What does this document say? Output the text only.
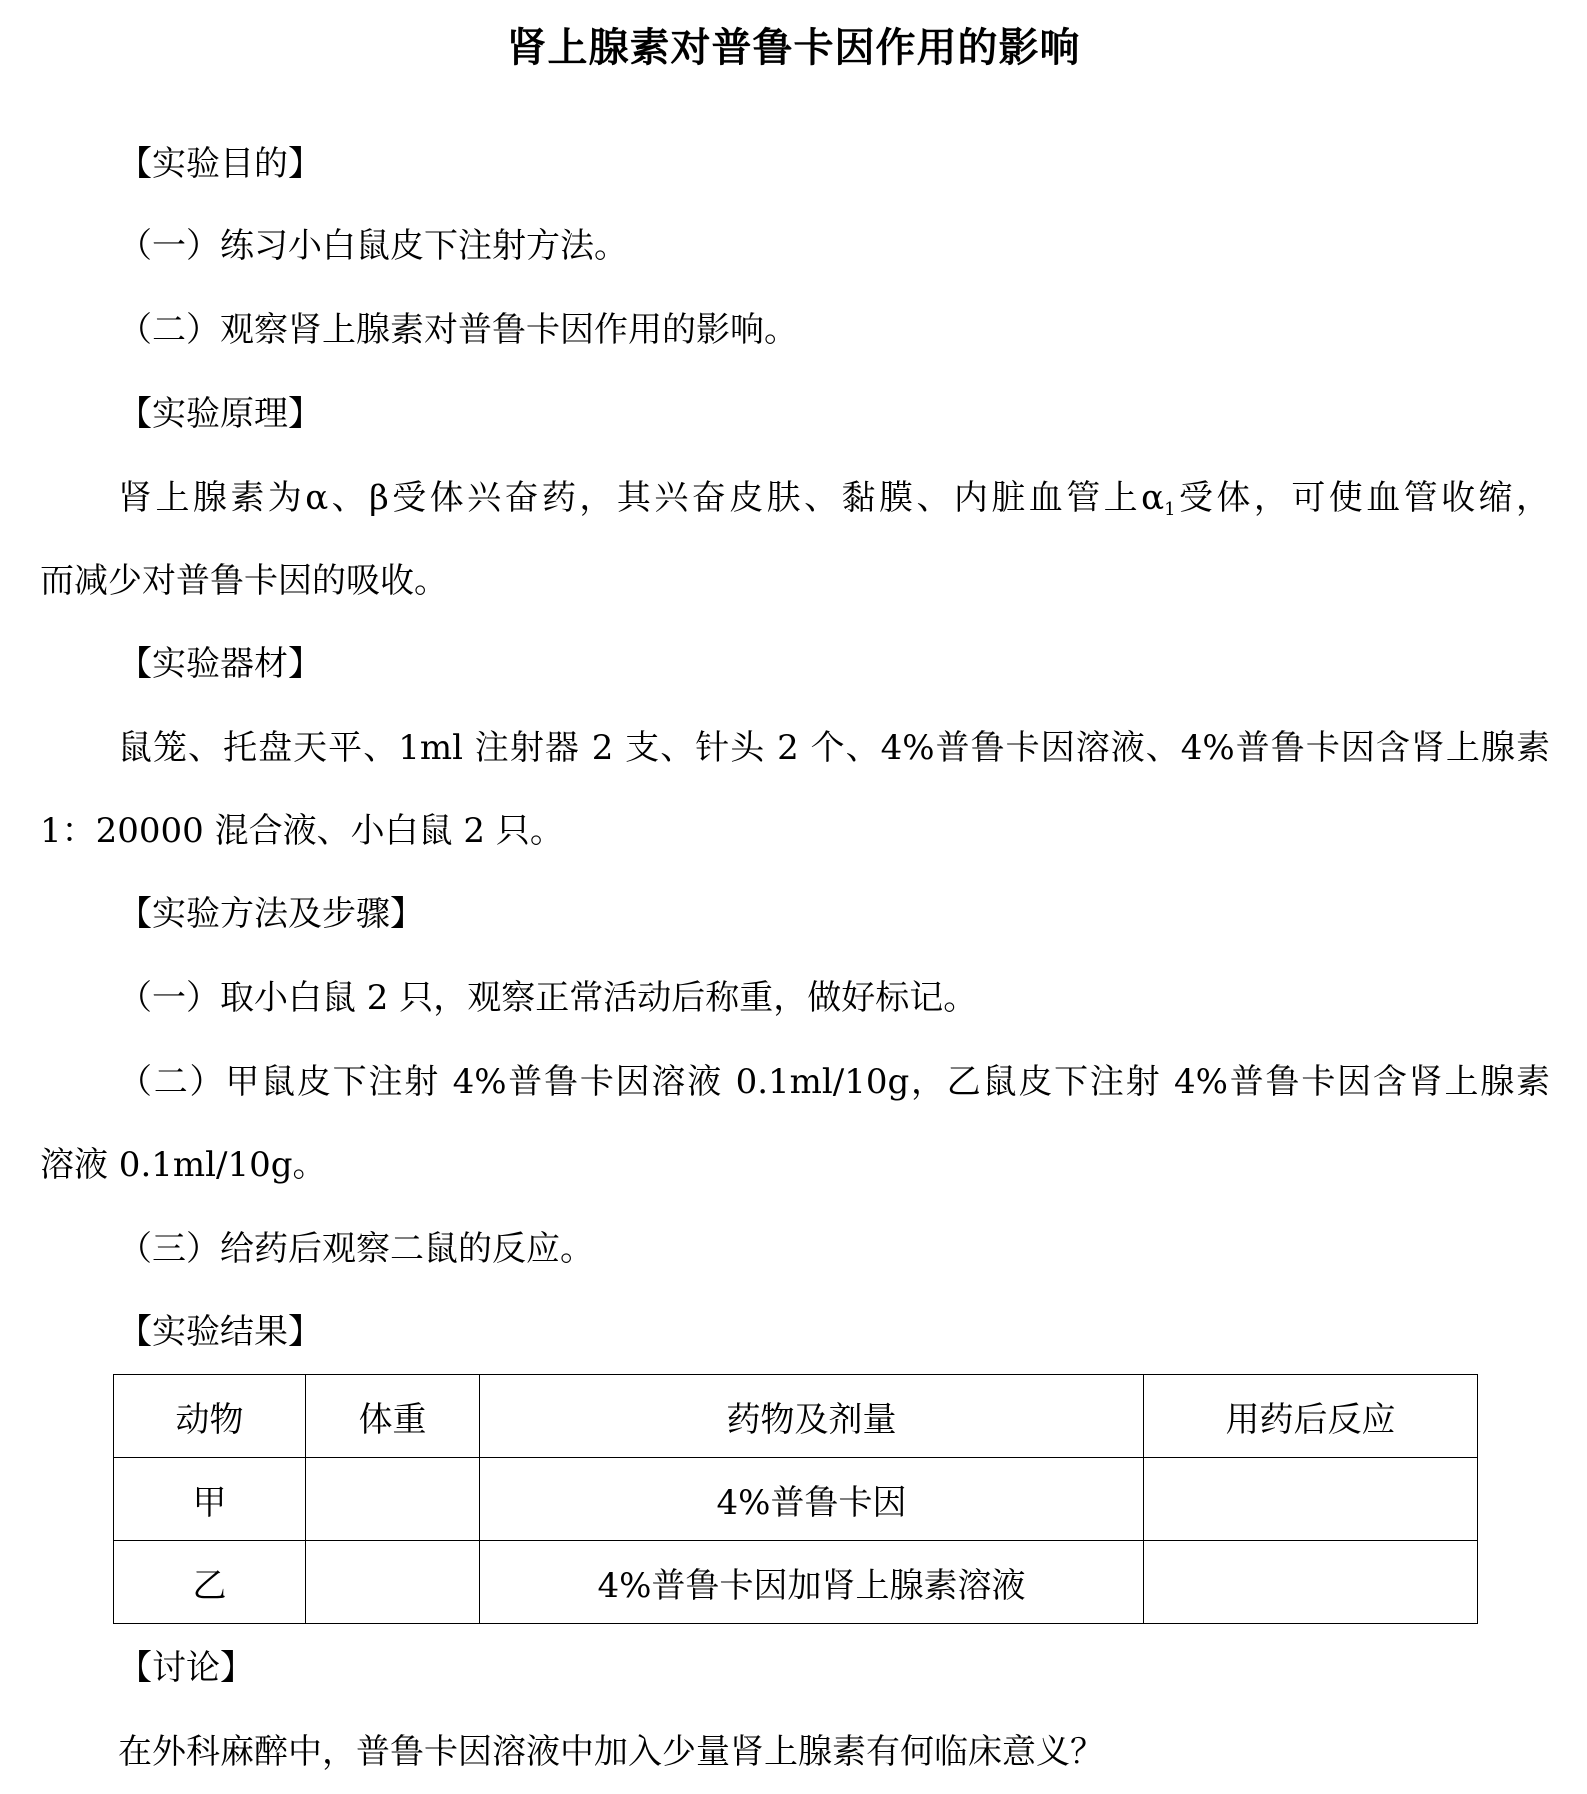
肾上腺素对普鲁卡因作用的影响
【实验目的】
（一）练习小白鼠皮下注射方法。
（二）观察肾上腺素对普鲁卡因作用的影响。
【实验原理】
肾上腺素为α、β受体兴奋药，其兴奋皮肤、黏膜、内脏血管上$\alpha_1$受体，可使血管收缩，
而减少对普鲁卡因的吸收。
【实验器材】
鼠笼、托盘天平、1ml 注射器 2 支、针头 2 个、4%普鲁卡因溶液、4%普鲁卡因含肾上腺素
1：20000 混合液、小白鼠 2 只。
【实验方法及步骤】
（一）取小白鼠 2 只，观察正常活动后称重，做好标记。
（二）甲鼠皮下注射 4%普鲁卡因溶液 0.1ml/10g，乙鼠皮下注射 4%普鲁卡因含肾上腺素
溶液 0.1ml/10g。
（三）给药后观察二鼠的反应。
【实验结果】
动物	体重	药物及剂量	用药后反应
甲		4%普鲁卡因	
乙		4%普鲁卡因加肾上腺素溶液	
【讨论】
在外科麻醉中，普鲁卡因溶液中加入少量肾上腺素有何临床意义？
